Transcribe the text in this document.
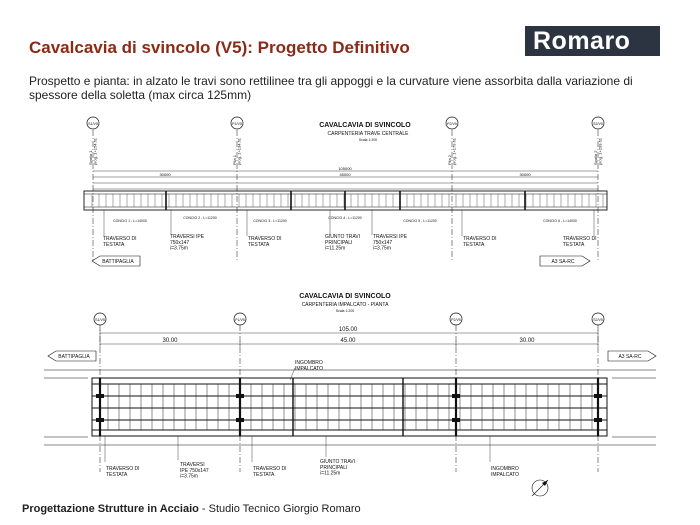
Cavalcavia di svincolo (V5): Progetto Definitivo	Romaro
Prospetto e pianta: in alzato le travi sono rettilinee tra gli appoggi e la curvature viene assorbita dalla variazione di spessore della soletta (max circa 125mm)
CAVALCAVIA DI SVINCOLO
CARPENTERIA TRAVE CENTRALE
Scala 1:200
S1/V5	P1/V5	P2/V5	S2/V5
Spalla 1prog. 1+154.61	Pila 1prog. 1+134.61	Pila 2prog. 1+179.61	Spalla 2prog. 1+209.61
105000
30000	45000	30000
CONCIO 1 - L=14000
CONCIO 2 - L=11200
CONCIO 3 - L=11200
CONCIO 4 - L=11200
CONCIO 5 - L=11200	CONCIO 6 - L=14000
TRAVERSO DI TESTATA
TRAVERSI IPE 750x147 i=3.75m
TRAVERSO DI TESTATA
GIUNTO TRAVI PRINCIPALI i=11.25m
TRAVERSI IPE 750x147 i=3.75m
TRAVERSO DI TESTATA
TRAVERSO DI TESTATA
BATTIPAGLIA	A3 SA-RC
CAVALCAVIA DI SVINCOLO
CARPENTERIA IMPALCATO - PIANTA
Scala 1:200
S1/V5	P1/V5	P2/V5	S2/V5
105.00
30.00	45.00	30.00
BATTIPAGLIA	A3 SA-RC
INGOMBRO IMPALCATO
TRAVERSO DI TESTATA
TRAVERSI IPE 750x147 i=3.75m
TRAVERSO DI TESTATA
GIUNTO TRAVI PRINCIPALI i=11.25m
INGOMBRO IMPALCATO
Progettazione Strutture in Acciaio - Studio Tecnico Giorgio Romaro
